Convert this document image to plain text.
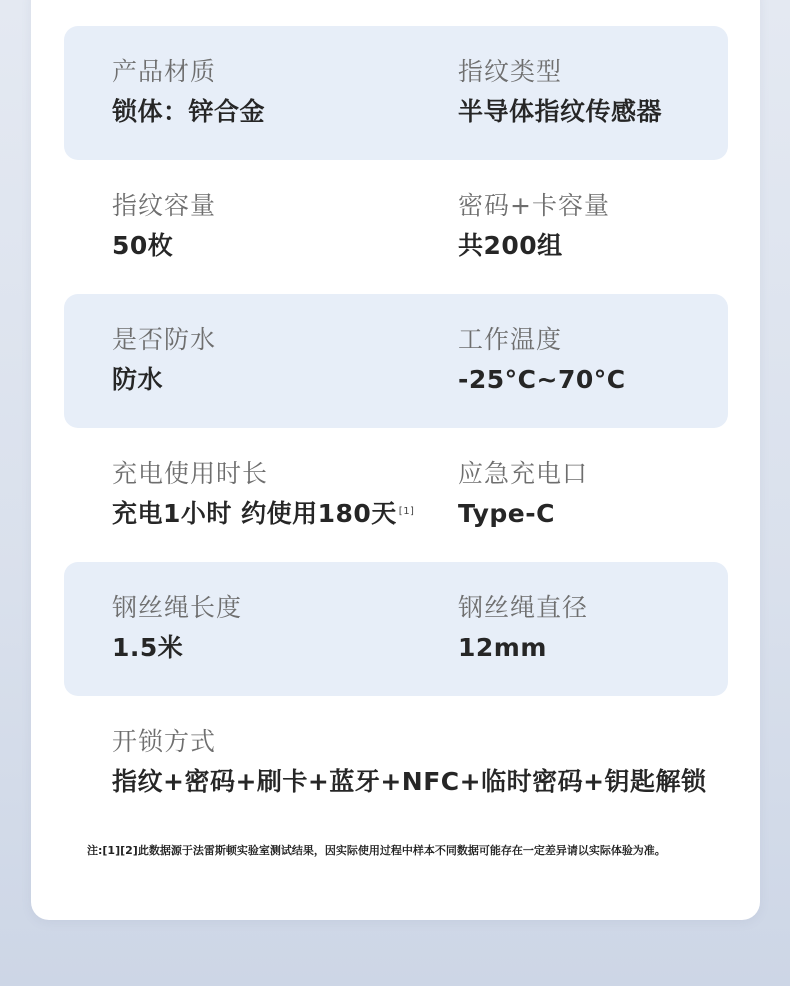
产品材质
锁体：锌合金
指纹类型
半导体指纹传感器
指纹容量
50枚
密码+卡容量
共200组
是否防水
防水
工作温度
-25°C~70°C
充电使用时长
充电1小时 约使用180天 [1]
应急充电口
Type-C
钢丝绳长度
1.5米
钢丝绳直径
12mm
开锁方式
指纹+密码+刷卡+蓝牙+NFC+临时密码+钥匙解锁
注:[1][2]此数据源于法雷斯顿实验室测试结果，因实际使用过程中样本不同数据可能存在一定差异请以实际体验为准。
